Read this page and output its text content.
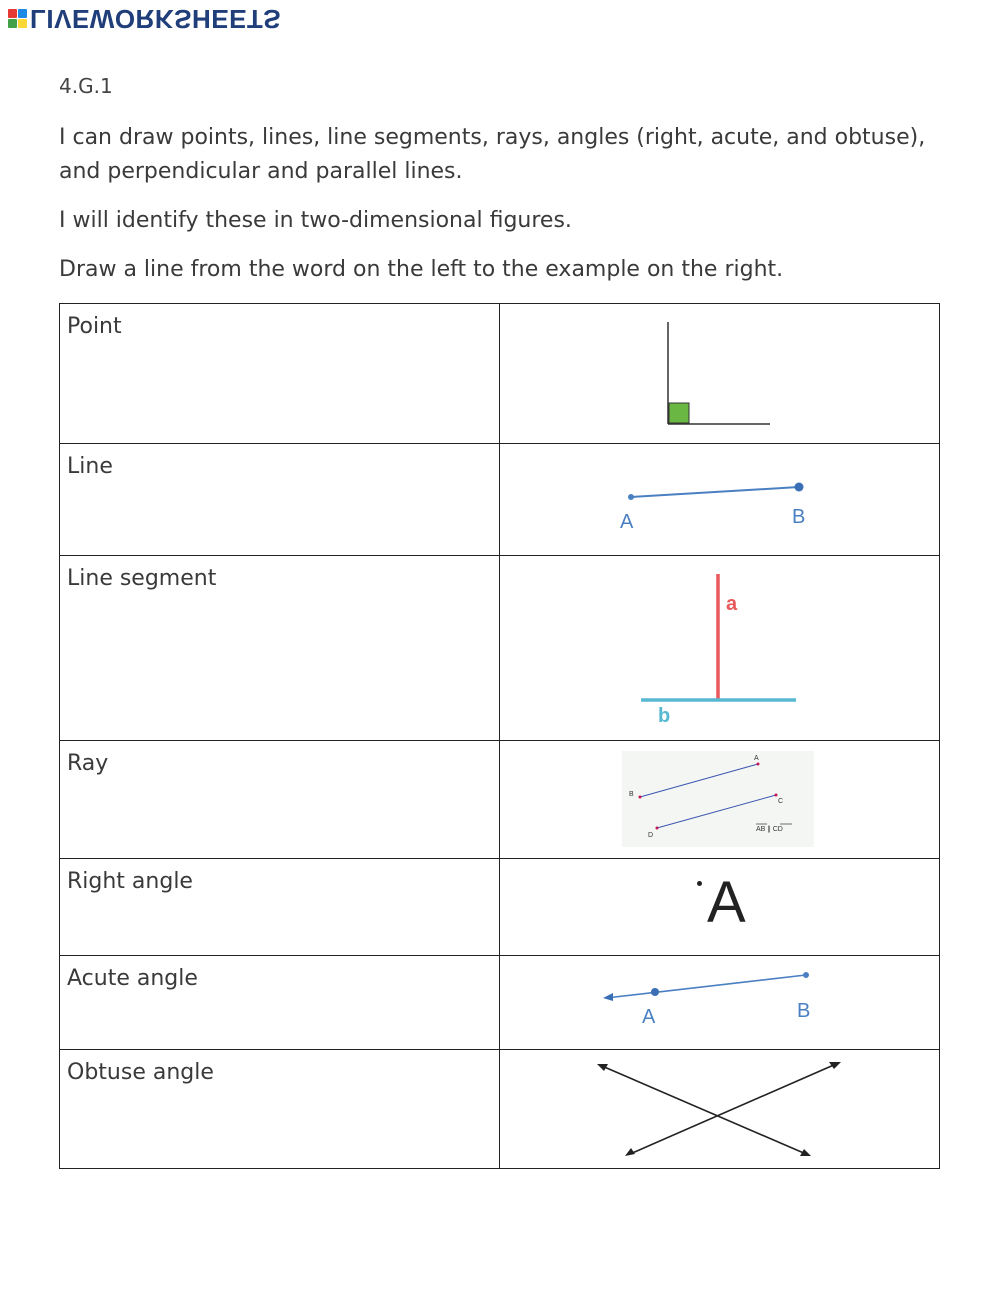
LIVEWORKSHEETS
4.G.1
I can draw points, lines, line segments, rays, angles (right, acute, and obtuse), and perpendicular and parallel lines.
I will identify these in two-dimensional figures.
Draw a line from the word on the left to the example on the right.
Point

Line	A B

Line segment	a
b

Ray	A
B
C
D
AB ∥ CD

Right angle	A

Acute angle	A B

Obtuse angle
